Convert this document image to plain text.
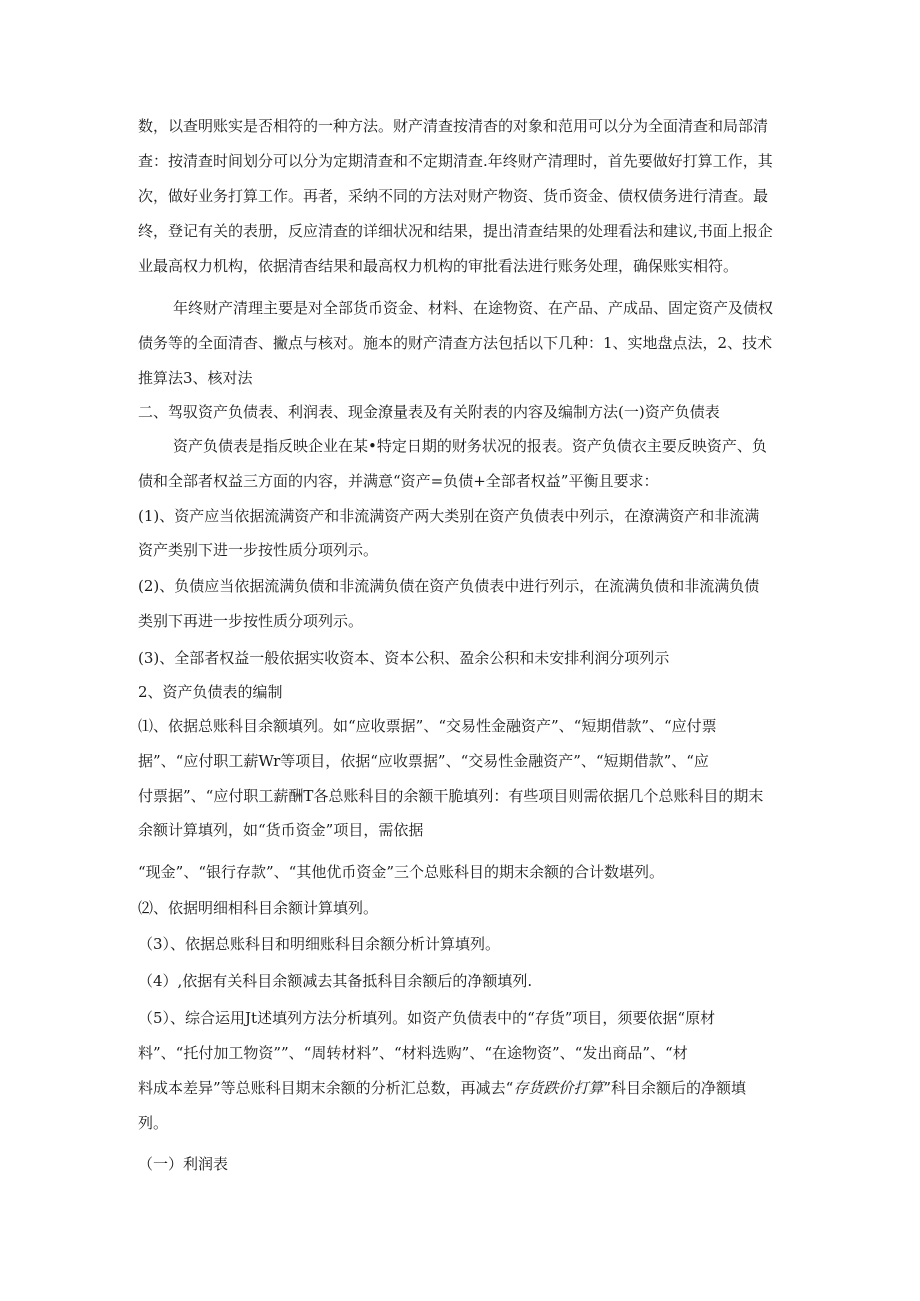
数，以查明账实是否相符的一种方法。财产清查按清杳的对象和范用可以分为全面清查和局部清
查：按清查时间划分可以分为定期清查和不定期清查.年终财产清理时，首先要做好打算工作，其
次，做好业务打算工作。再者，采纳不同的方法对财产物资、货币资金、债权债务进行清查。最
终，登记有关的表册，反应清查的详细状况和结果，提出清查结果的处理看法和建议,书面上报企
业最高权力机构，依据清杳结果和最高权力机构的审批看法进行账务处理，确保账实相符。
年终财产清理主要是对全部货币资金、材料、在途物资、在产品、产成品、固定资产及债权
债务等的全面清杳、撇点与核对。施本的财产清查方法包括以下几种：1、实地盘点法，2、技术
推算法3、核对法
二、驾驭资产负债表、利润表、现金潦量表及有关附表的内容及编制方法(一)资产负债表
资产负债表是指反映企业在某•特定日期的财务状况的报表。资产负债衣主要反映资产、负
债和全部者权益三方面的内容，并满意“资产=负债+全部者权益”平衡且要求：
(1)、资产应当依据流满资产和非流满资产两大类别在资产负债表中列示，在潦满资产和非流满
资产类别下进一步按性质分项列示。
(2)、负债应当依据流满负债和非流满负债在资产负债表中进行列示，在流满负债和非流满负债
类别下再进一步按性质分项列示。
(3)、全部者权益一般依据实收资本、资本公积、盈余公积和未安排利润分项列示
2、资产负债表的编制
⑴、依据总账科目余额填列。如“应收票据”、“交易性金融资产”、“短期借款”、“应付票
据”、“应付职工薪Wr等项目，依据“应收票据”、“交易性金融资产”、“短期借款”、“应
付票据”、“应付职工薪酬T各总账科目的余额干脆填列：有些项目则需依据几个总账科目的期末
余额计算填列，如“货币资金”项目，需依据
“现金”、“银行存款”、“其他优币资金”三个总账科目的期末余额的合计数堪列。
⑵、依据明细相科目余额计算填列。
（3）、依据总账科目和明细账科目余额分析计算填列。
（4）,依据有关科目余额减去其备抵科目余额后的净额填列.
（5）、综合运用Jt述填列方法分析填列。如资产负债表中的“存货”项目，须要依据“原材
料”、“托付加工物资””、“周转材料”、“材料选购”、“在途物资”、“发出商品”、“材
料成本差异”等总账科目期末余额的分析汇总数，再减去“存货跌价打算”科目余额后的净额填
列。
（一）利润表
